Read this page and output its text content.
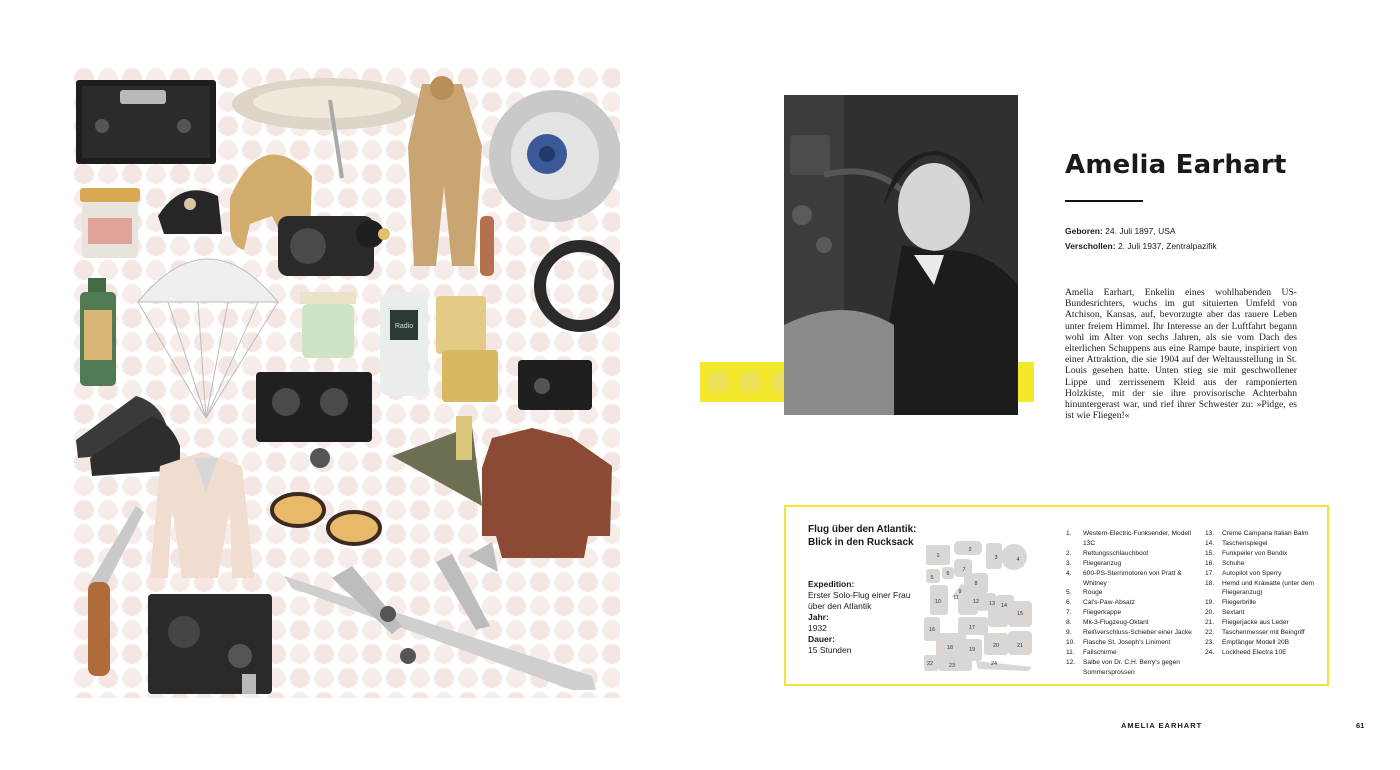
Radio
Amelia Earhart
Geboren: 24. Juli 1897, USA
Verschollen: 2. Juli 1937, Zentralpazifik
Amelia Earhart, Enkelin eines wohlhabenden US-Bundesrichters, wuchs im gut situierten Umfeld von Atchison, Kansas, auf, bevorzugte aber das rauere Leben unter freiem Himmel. Ihr Interesse an der Luftfahrt begann wohl im Alter von sechs Jahren, als sie vom Dach des elterlichen Schuppens aus eine Rampe baute, inspiriert von einer Attraktion, die sie 1904 auf der Weltausstellung in St. Louis gesehen hatte. Unten stieg sie mit geschwollener Lippe und zerrissenem Kleid aus der ramponierten Holzkiste, mit der sie ihre provisorische Achterbahn hinuntergerast war, und rief ihrer Schwester zu: »Pidge, es ist wie Fliegen!«
Flug über den Atlantik:
Blick in den Rucksack
Expedition:
Erster Solo-Flug einer Frau über den Atlantik
Jahr:
1932
Dauer:
15 Stunden
1
2
3	4
5
6
7
8
10
11
9
12 13 14
15
16	17
18	19
20	21
22	23	24
1.	Western-Electric-Funksender, Modell 13C
2.	Rettungsschlauchboot
3.	Fliegeranzug
4.	600-PS-Sternmotoren von Pratt & Whitney
5.	Rouge
6.	Cal's-Paw-Absatz
7.	Fliegerkappe
8.	Mk-3-Flugzeug-Oktant
9.	Reißverschluss-Schieber einer Jacke
10.	Flasche St. Joseph's Liniment
11.	Fallschirme
12.	Salbe von Dr. C.H. Berry's gegen Sommersprossen
13.	Creme Campana Italian Balm
14.	Taschenspiegel
15.	Funkpeiler von Bendix
16.	Schuhe
17.	Autopilot von Sperry
18.	Hemd und Krawatte (unter dem Fliegeranzug)
19.	Fliegerbrille
20.	Sextant
21.	Fliegerjacke aus Leder
22.	Taschenmesser mit Beingriff
23.	Empfänger Modell 20B
24.	Lockheed Electra 10E
AMELIA EARHART	61
